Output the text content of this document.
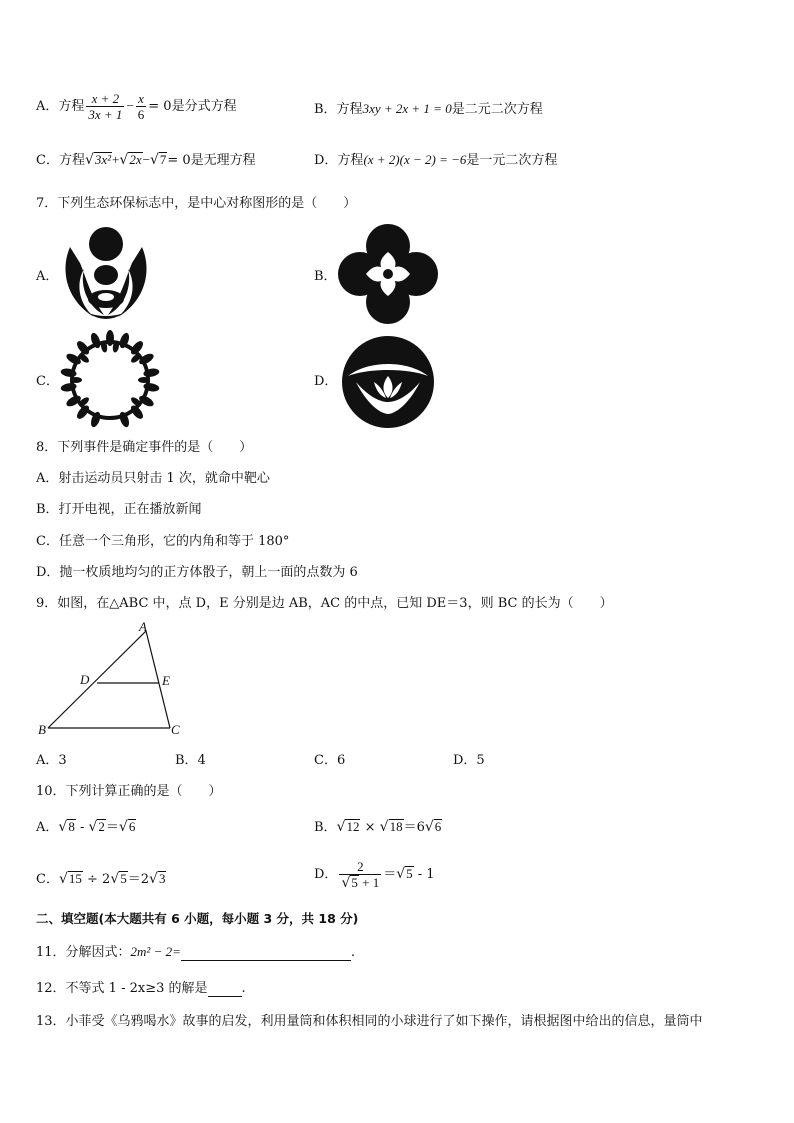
A．方程 $\frac{x + 2}{3x + 1} - \frac{x}{6} = 0$是分式方程	B．方程3xy + 2x + 1 = 0是二元二次方程
C．方程√3x²+√2x−√7= 0是无理方程	D．方程(x + 2)(x − 2) = −6是一元二次方程
7．下列生态环保标志中，是中心对称图形的是（　　）
A．	B．
C．	D．
8．下列事件是确定事件的是（　　）
A．射击运动员只射击 1 次，就命中靶心
B．打开电视，正在播放新闻
C．任意一个三角形，它的内角和等于 180°
D．抛一枚质地均匀的正方体骰子，朝上一面的点数为 6
9．如图，在△ABC 中，点 D，E 分别是边 AB，AC 的中点，已知 DE＝3，则 BC 的长为（　　）
A
D	E
B	C
A．3	B．4	C．6	D．5
10．下列计算正确的是（　　）
A．√8 - √2＝√6	B．√12 × √18＝6√6
C．√15 ÷ 2√5＝2√3	D． $\frac{2}{√5 + 1} =√5 - 1$
二、填空题(本大题共有 6 小题，每小题 3 分，共 18 分)
11．分解因式：2m² − 2=	.
12．不等式 1 - 2x≥3 的解是	.
13．小菲受《乌鸦喝水》故事的启发，利用量筒和体积相同的小球进行了如下操作，请根据图中给出的信息，量筒中
